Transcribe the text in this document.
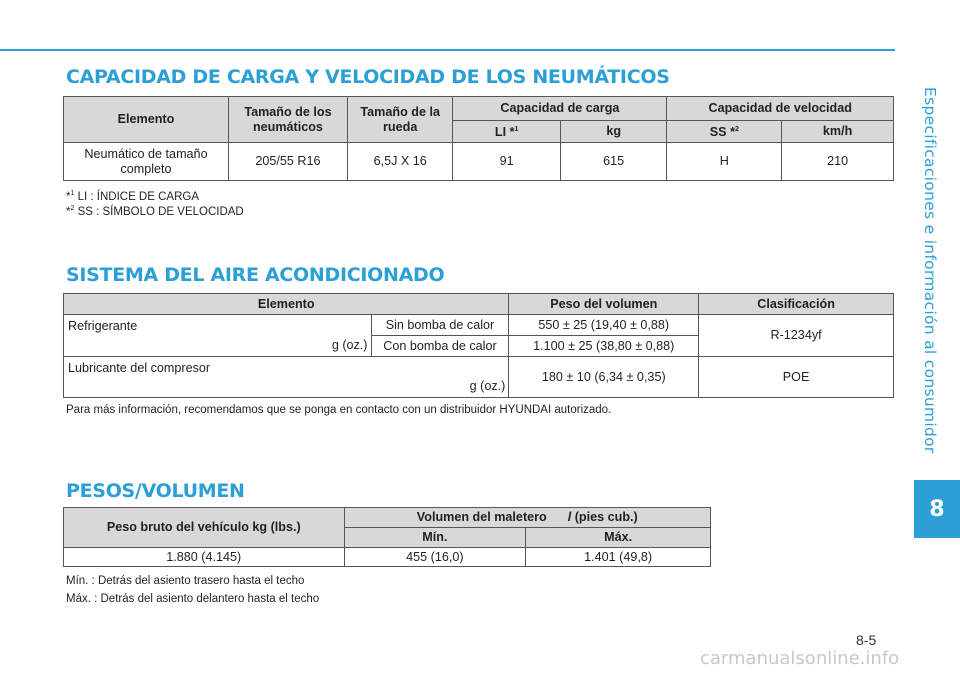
Especificaciones e información al consumidor
8
8-5
carmanualsonline.info
CAPACIDAD DE CARGA Y VELOCIDAD DE LOS NEUMÁTICOS
Elemento	Tamaño de los neumáticos	Tamaño de la rueda	Capacidad de carga		Capacidad de velocidad	
			LI *$^1$	kg	SS *$^2$	km/h
Neumático de tamaño completo	205/55 R16	6,5J X 16	91	615	H	210
*$^1$ LI : ÍNDICE DE CARGA
*$^2$ SS : SÍMBOLO DE VELOCIDAD
SISTEMA DEL AIRE ACONDICIONADO
Elemento		Peso del volumen	Clasificación

Refrigerante
g (oz.)	Sin bomba de calor	550 ± 25 (19,40 ± 0,88)	R-1234yf
	Con bomba de calor	1.100 ± 25 (38,80 ± 0,88)	

Lubricante del compresor
g (oz.)		180 ± 10 (6,34 ± 0,35)	POE
Para más información, recomendamos que se ponga en contacto con un distribuidor HYUNDAI autorizado.
PESOS/VOLUMEN
Peso bruto del vehículo kg (lbs.)	Volumen del maletero l (pies cub.)	
	Mín.	Máx.
1.880 (4.145)	455 (16,0)	1.401 (49,8)
Mín. : Detrás del asiento trasero hasta el techo
Máx. : Detrás del asiento delantero hasta el techo
